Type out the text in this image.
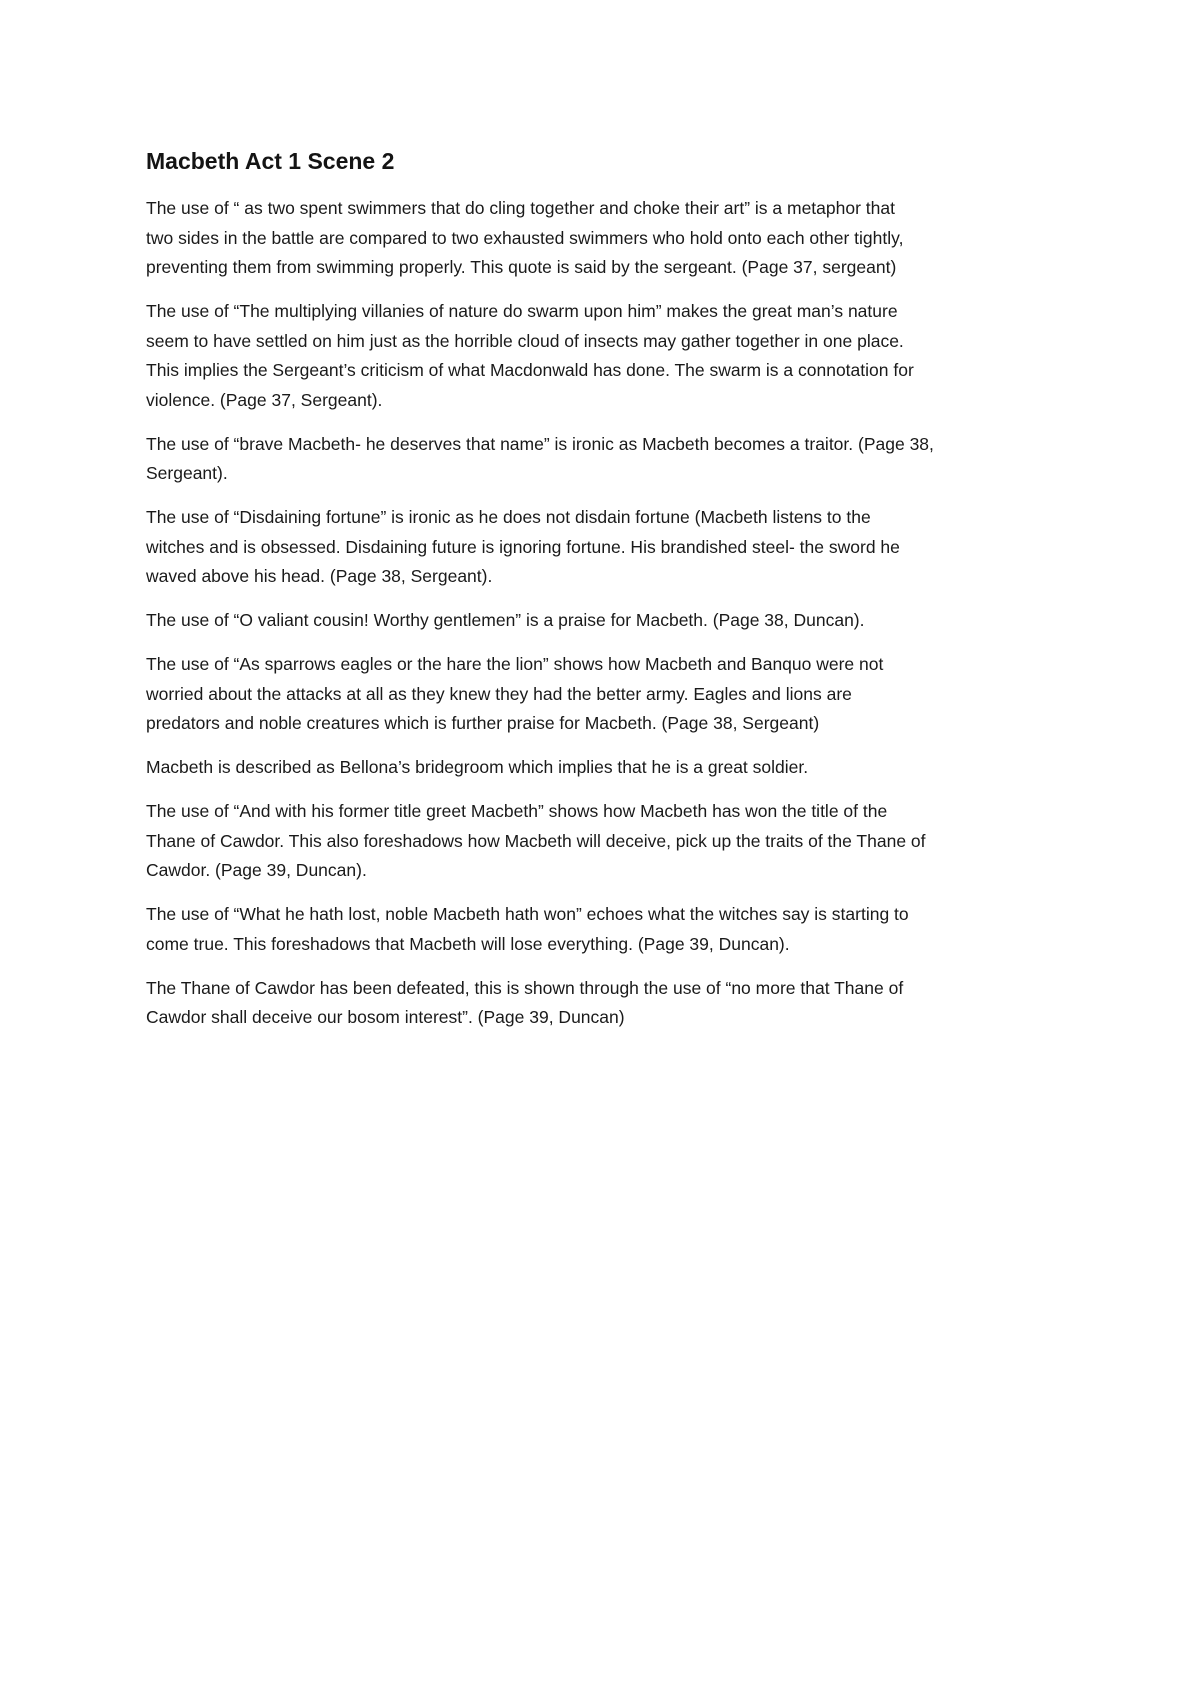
Macbeth Act 1 Scene 2

The use of “ as two spent swimmers that do cling together and choke their art” is a metaphor that
two sides in the battle are compared to two exhausted swimmers who hold onto each other tightly,
preventing them from swimming properly. This quote is said by the sergeant. (Page 37, sergeant)

The use of “The multiplying villanies of nature do swarm upon him” makes the great man’s nature
seem to have settled on him just as the horrible cloud of insects may gather together in one place.
This implies the Sergeant’s criticism of what Macdonwald has done. The swarm is a connotation for
violence. (Page 37, Sergeant).

The use of “brave Macbeth- he deserves that name” is ironic as Macbeth becomes a traitor. (Page 38,
Sergeant).

The use of “Disdaining fortune” is ironic as he does not disdain fortune (Macbeth listens to the
witches and is obsessed. Disdaining future is ignoring fortune. His brandished steel- the sword he
waved above his head. (Page 38, Sergeant).

The use of “O valiant cousin! Worthy gentlemen” is a praise for Macbeth. (Page 38, Duncan).

The use of “As sparrows eagles or the hare the lion” shows how Macbeth and Banquo were not
worried about the attacks at all as they knew they had the better army. Eagles and lions are
predators and noble creatures which is further praise for Macbeth. (Page 38, Sergeant)

Macbeth is described as Bellona’s bridegroom which implies that he is a great soldier.

The use of “And with his former title greet Macbeth” shows how Macbeth has won the title of the
Thane of Cawdor. This also foreshadows how Macbeth will deceive, pick up the traits of the Thane of
Cawdor. (Page 39, Duncan).

The use of “What he hath lost, noble Macbeth hath won” echoes what the witches say is starting to
come true. This foreshadows that Macbeth will lose everything. (Page 39, Duncan).

The Thane of Cawdor has been defeated, this is shown through the use of “no more that Thane of
Cawdor shall deceive our bosom interest”. (Page 39, Duncan)
